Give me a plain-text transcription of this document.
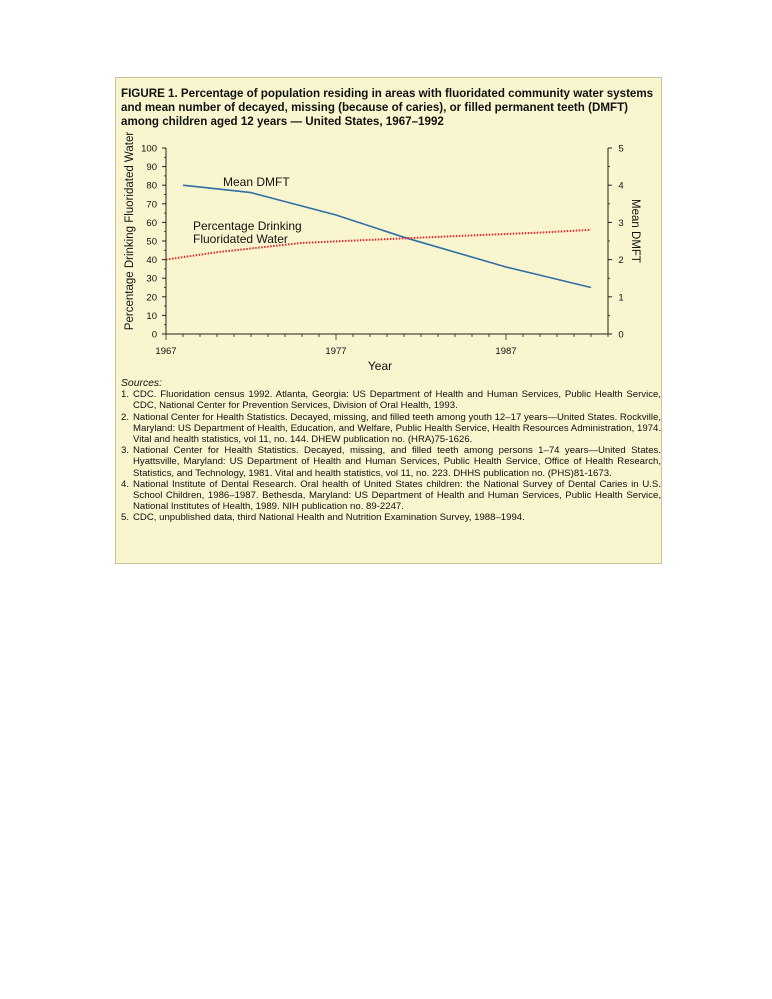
FIGURE 1. Percentage of population residing in areas with fluoridated community water systems and mean number of decayed, missing (because of caries), or filled permanent teeth (DMFT) among children aged 12 years — United States, 1967–1992

0
10
20
30
40
50
60
70
80
90
100
0
1
2
3
4
5
1967	1977	1987
Year
Percentage Drinking Fluoridated Water	Mean DMFT
Mean DMFT
Percentage Drinking
Fluoridated Water
Sources:
1. CDC. Fluoridation census 1992. Atlanta, Georgia: US Department of Health and Human Services, Public Health Service, CDC, National Center for Prevention Services, Division of Oral Health, 1993.
2. National Center for Health Statistics. Decayed, missing, and filled teeth among youth 12–17 years—United States. Rockville, Maryland: US Department of Health, Education, and Welfare, Public Health Service, Health Resources Administration, 1974. Vital and health statistics, vol 11, no. 144. DHEW publication no. (HRA)75-1626.
3. National Center for Health Statistics. Decayed, missing, and filled teeth among persons 1–74 years—United States. Hyattsville, Maryland: US Department of Health and Human Services, Public Health Service, Office of Health Research, Statistics, and Technology, 1981. Vital and health statistics, vol 11, no. 223. DHHS publication no. (PHS)81-1673.
4. National Institute of Dental Research. Oral health of United States children: the National Survey of Dental Caries in U.S. School Children, 1986–1987. Bethesda, Maryland: US Department of Health and Human Services, Public Health Service, National Institutes of Health, 1989. NIH publication no. 89-2247.
5. CDC, unpublished data, third National Health and Nutrition Examination Survey, 1988–1994.
